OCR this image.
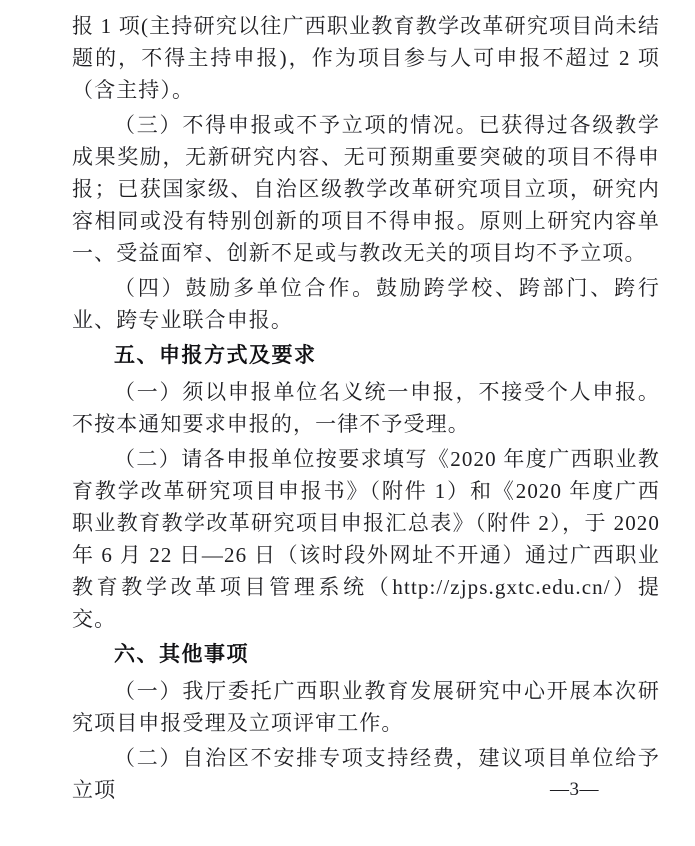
报 1 项(主持研究以往广西职业教育教学改革研究项目尚未结题的，不得主持申报)，作为项目参与人可申报不超过 2 项（含主持）。

（三）不得申报或不予立项的情况。已获得过各级教学成果奖励，无新研究内容、无可预期重要突破的项目不得申报；已获国家级、自治区级教学改革研究项目立项，研究内容相同或没有特别创新的项目不得申报。原则上研究内容单一、受益面窄、创新不足或与教改无关的项目均不予立项。

（四）鼓励多单位合作。鼓励跨学校、跨部门、跨行业、跨专业联合申报。

五、申报方式及要求

（一）须以申报单位名义统一申报，不接受个人申报。不按本通知要求申报的，一律不予受理。

（二）请各申报单位按要求填写《2020 年度广西职业教育教学改革研究项目申报书》（附件 1）和《2020 年度广西职业教育教学改革研究项目申报汇总表》（附件 2），于 2020 年 6 月 22 日—26 日（该时段外网址不开通）通过广西职业教育教学改革项目管理系统（http://zjps.gxtc.edu.cn/）提交。

六、其他事项

（一）我厅委托广西职业教育发展研究中心开展本次研究项目申报受理及立项评审工作。

（二）自治区不安排专项支持经费，建议项目单位给予立项	—3—
